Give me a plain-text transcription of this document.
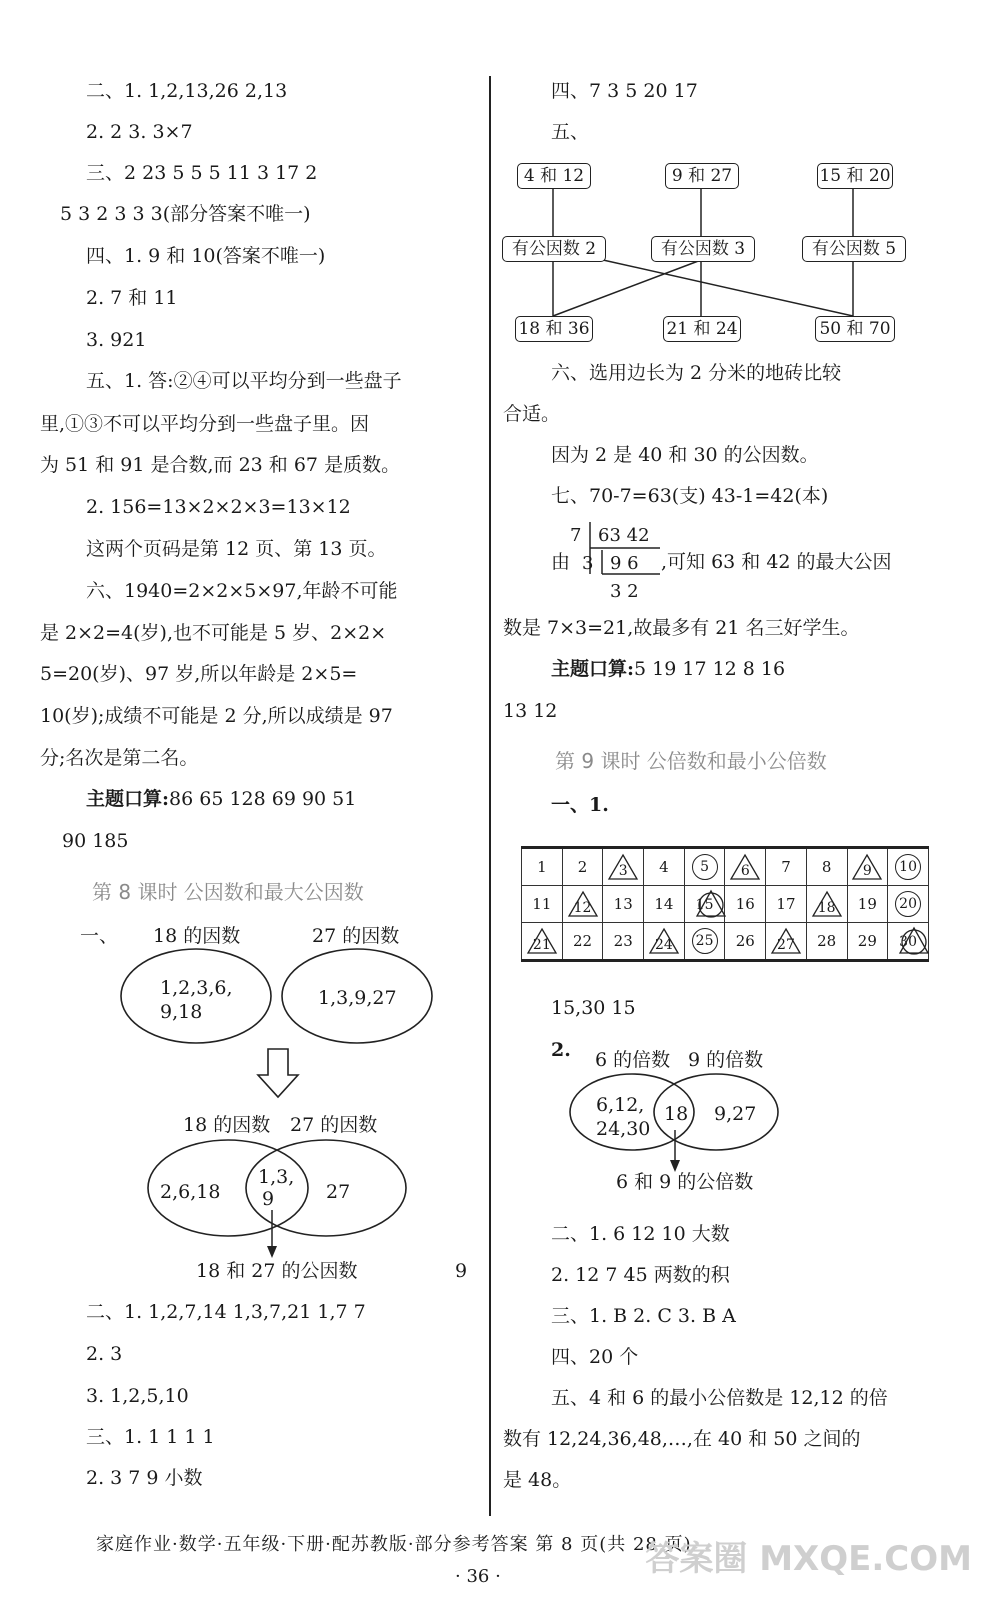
二、1. 1,2,13,26 2,13
2. 2 3. 3×7
三、2 23 5 5 5 11 3 17 2
5 3 2 3 3 3(部分答案不唯一)
四、1. 9 和 10(答案不唯一)
2. 7 和 11
3. 921
五、1. 答:②④可以平均分到一些盘子
里,①③不可以平均分到一些盘子里。因
为 51 和 91 是合数,而 23 和 67 是质数。
2. 156=13×2×2×3=13×12
这两个页码是第 12 页、第 13 页。
六、1940=2×2×5×97,年龄不可能
是 2×2=4(岁),也不可能是 5 岁、2×2×
5=20(岁)、97 岁,所以年龄是 2×5=
10(岁);成绩不可能是 2 分,所以成绩是 97
分;名次是第二名。
主题口算:86 65 128 69 90 51
90 185
第 8 课时 公因数和最大公因数
一、 18 的因数	27 的因数
1,2,3,6,
9,18
1,3,9,27
18 的因数 27 的因数
2,6,18
1,3,
9	27
18 和 27 的公因数	9
二、1. 1,2,7,14 1,3,7,21 1,7 7
2. 3
3. 1,2,5,10
三、1. 1 1 1 1
2. 3 7 9 小数
四、7 3 5 20 17
五、
4 和 12	9 和 27	15 和 20
有公因数 2	有公因数 3	有公因数 5
18 和 36	21 和 24	50 和 70
六、选用边长为 2 分米的地砖比较
合适。
因为 2 是 40 和 30 的公因数。
七、70-7=63(支) 43-1=42(本)
7 63 42
3 9 6
3 2
由	,可知 63 和 42 的最大公因
数是 7×3=21,故最多有 21 名三好学生。
主题口算:5 19 17 12 8 16
13 12
第 9 课时 公倍数和最小公倍数
一、1.
1	2	3	4	5	6	7	8	9	10
11	12	13	14	15	16	17	18	19	20

21	22	23	24	25	26	27	28	29	30
15,30 15
2. 6 的倍数 9 的倍数
6,12,
24,30
18 9,27
6 和 9 的公倍数
二、1. 6 12 10 大数
2. 12 7 45 两数的积
三、1. B 2. C 3. B A
四、20 个
五、4 和 6 的最小公倍数是 12,12 的倍
数有 12,24,36,48,…,在 40 和 50 之间的
是 48。
家庭作业·数学·五年级·下册·配苏教版·部分参考答案 第 8 页(共 28 页)
· 36 ·	答案圈 MXQE.COM
